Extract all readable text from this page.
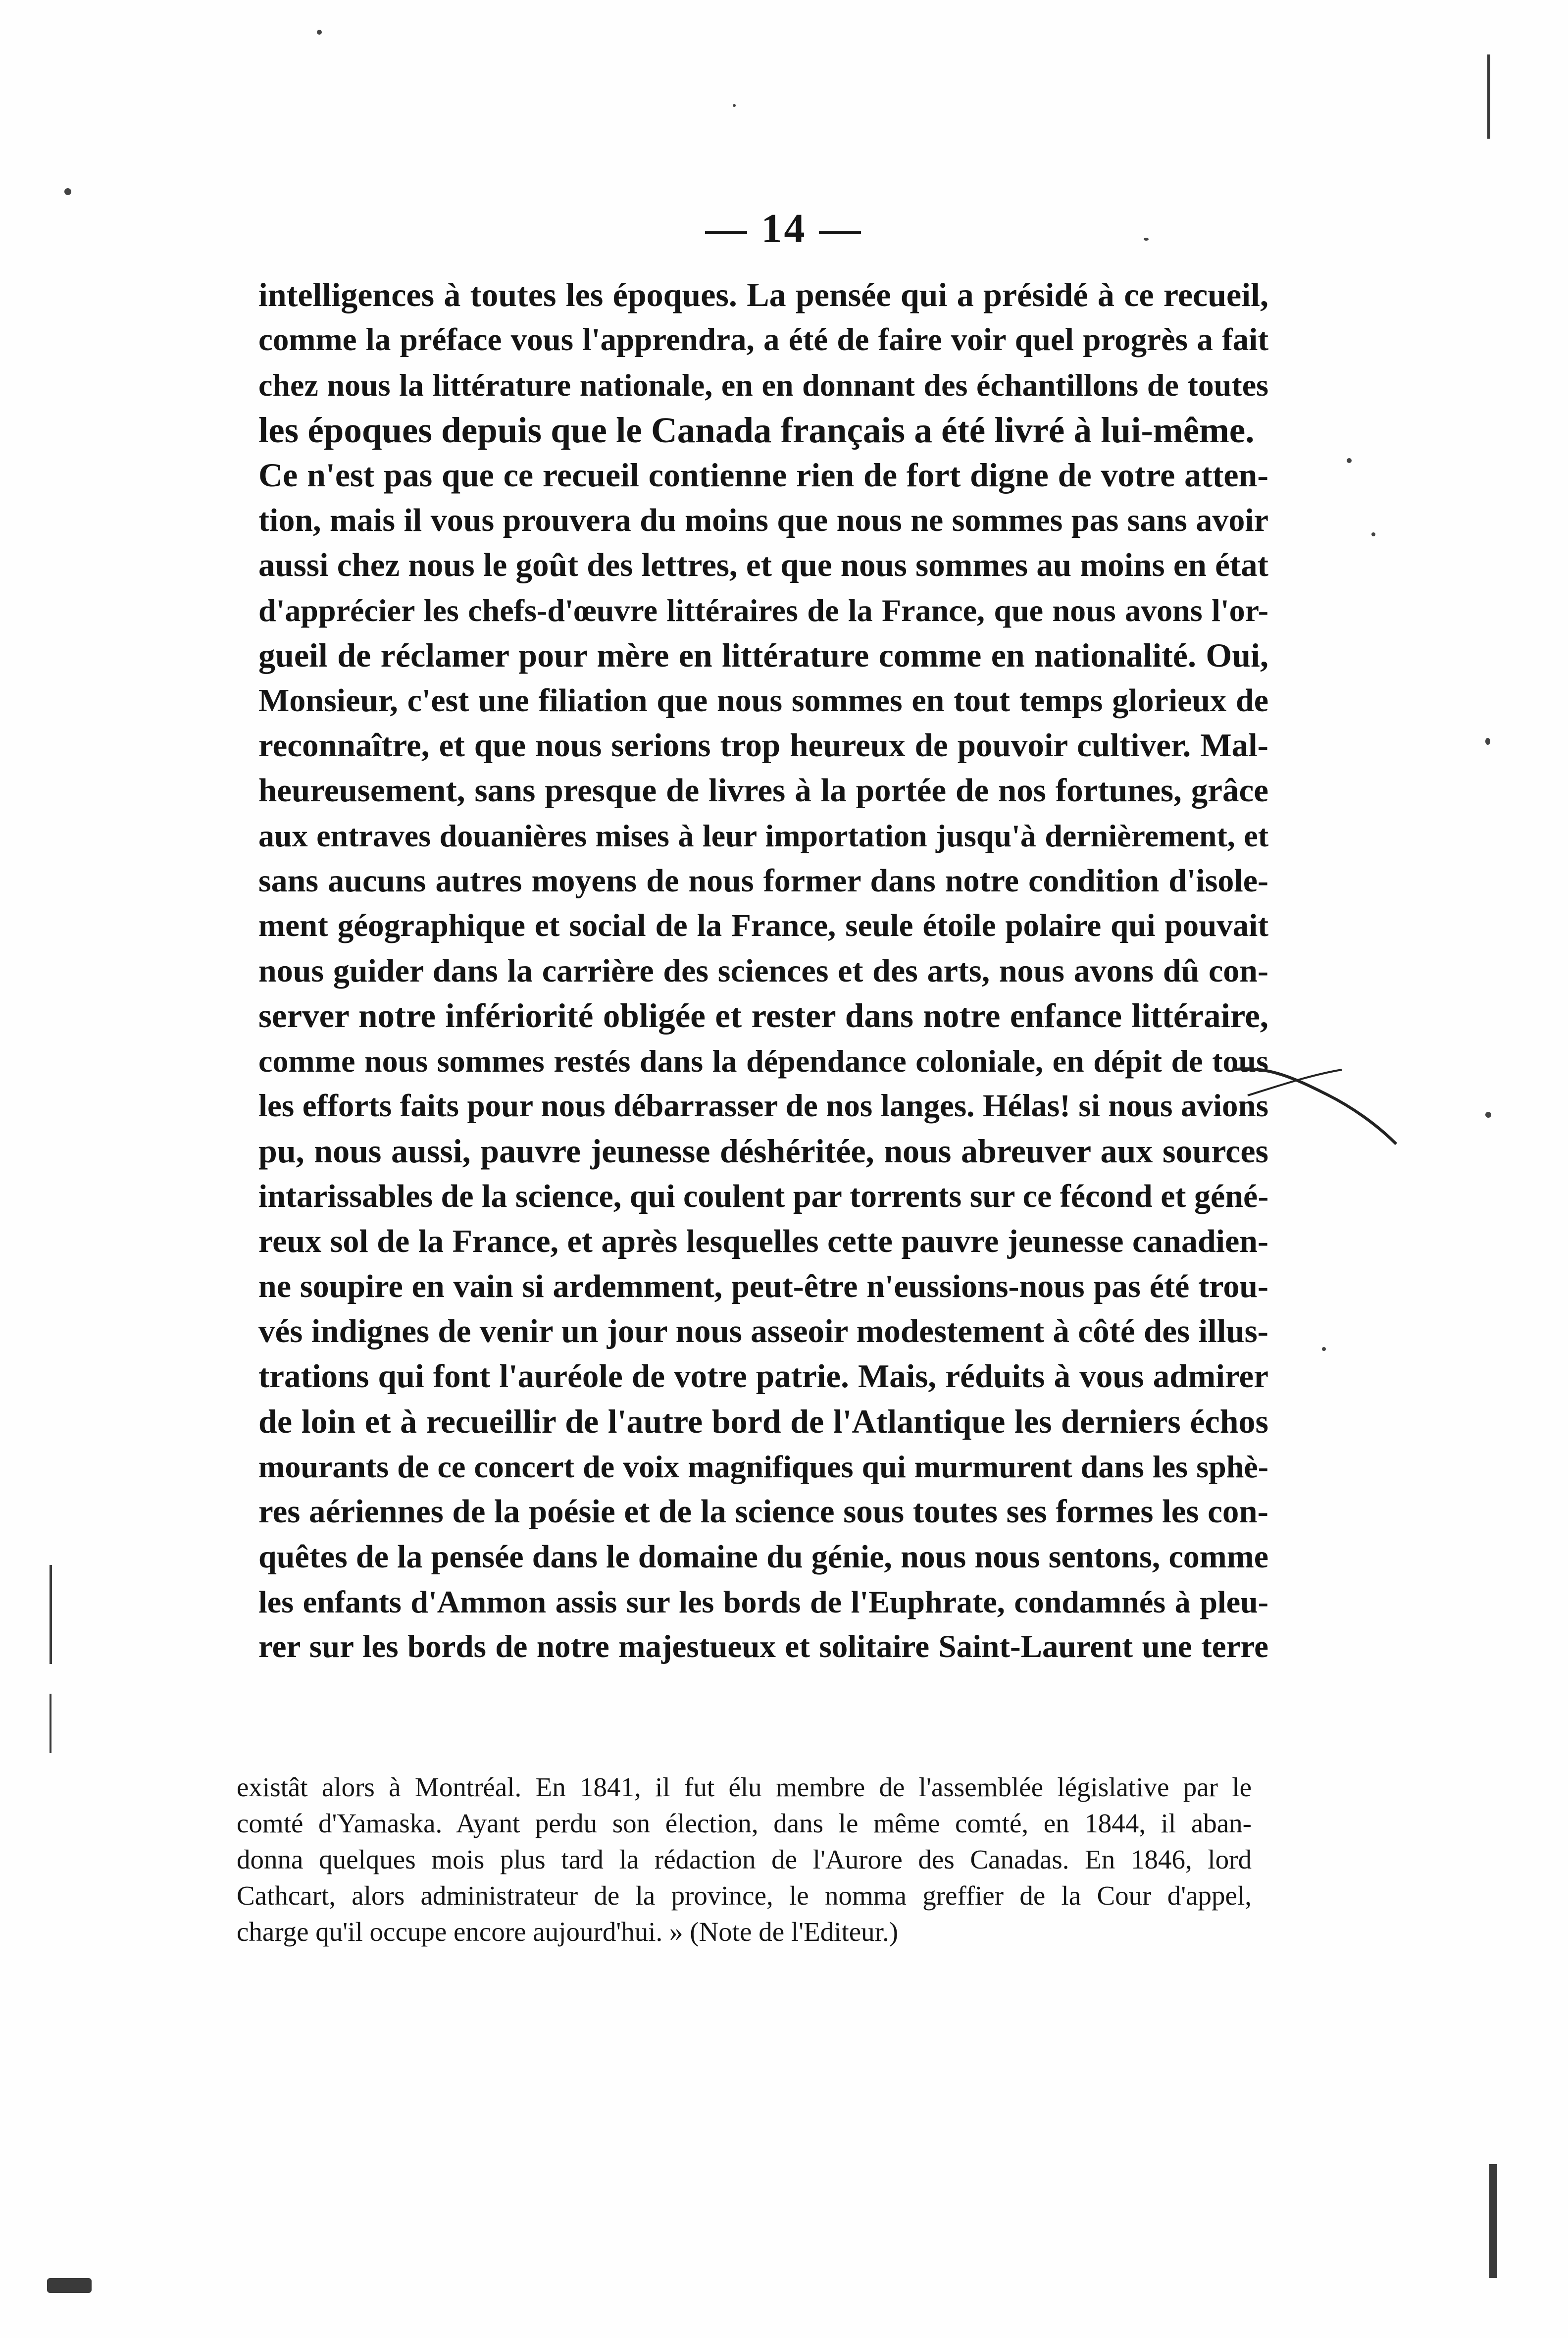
— 14 —
intelligences à toutes les époques. La pensée qui a présidé à ce recueil,
comme la préface vous l'apprendra, a été de faire voir quel progrès a fait
chez nous la littérature nationale, en en donnant des échantillons de toutes
les époques depuis que le Canada français a été livré à lui-même.
Ce n'est pas que ce recueil contienne rien de fort digne de votre atten-
tion, mais il vous prouvera du moins que nous ne sommes pas sans avoir
aussi chez nous le goût des lettres, et que nous sommes au moins en état
d'apprécier les chefs-d'œuvre littéraires de la France, que nous avons l'or-
gueil de réclamer pour mère en littérature comme en nationalité. Oui,
Monsieur, c'est une filiation que nous sommes en tout temps glorieux de
reconnaître, et que nous serions trop heureux de pouvoir cultiver. Mal-
heureusement, sans presque de livres à la portée de nos fortunes, grâce
aux entraves douanières mises à leur importation jusqu'à dernièrement, et
sans aucuns autres moyens de nous former dans notre condition d'isole-
ment géographique et social de la France, seule étoile polaire qui pouvait
nous guider dans la carrière des sciences et des arts, nous avons dû con-
server notre infériorité obligée et rester dans notre enfance littéraire,
comme nous sommes restés dans la dépendance coloniale, en dépit de tous
les efforts faits pour nous débarrasser de nos langes. Hélas! si nous avions
pu, nous aussi, pauvre jeunesse déshéritée, nous abreuver aux sources
intarissables de la science, qui coulent par torrents sur ce fécond et géné-
reux sol de la France, et après lesquelles cette pauvre jeunesse canadien-
ne soupire en vain si ardemment, peut-être n'eussions-nous pas été trou-
vés indignes de venir un jour nous asseoir modestement à côté des illus-
trations qui font l'auréole de votre patrie. Mais, réduits à vous admirer
de loin et à recueillir de l'autre bord de l'Atlantique les derniers échos
mourants de ce concert de voix magnifiques qui murmurent dans les sphè-
res aériennes de la poésie et de la science sous toutes ses formes les con-
quêtes de la pensée dans le domaine du génie, nous nous sentons, comme
les enfants d'Ammon assis sur les bords de l'Euphrate, condamnés à pleu-
rer sur les bords de notre majestueux et solitaire Saint-Laurent une terre
existât alors à Montréal. En 1841, il fut élu membre de l'assemblée législative par le
comté d'Yamaska. Ayant perdu son élection, dans le même comté, en 1844, il aban-
donna quelques mois plus tard la rédaction de l'Aurore des Canadas. En 1846, lord
Cathcart, alors administrateur de la province, le nomma greffier de la Cour d'appel,
charge qu'il occupe encore aujourd'hui. » (Note de l'Editeur.)
